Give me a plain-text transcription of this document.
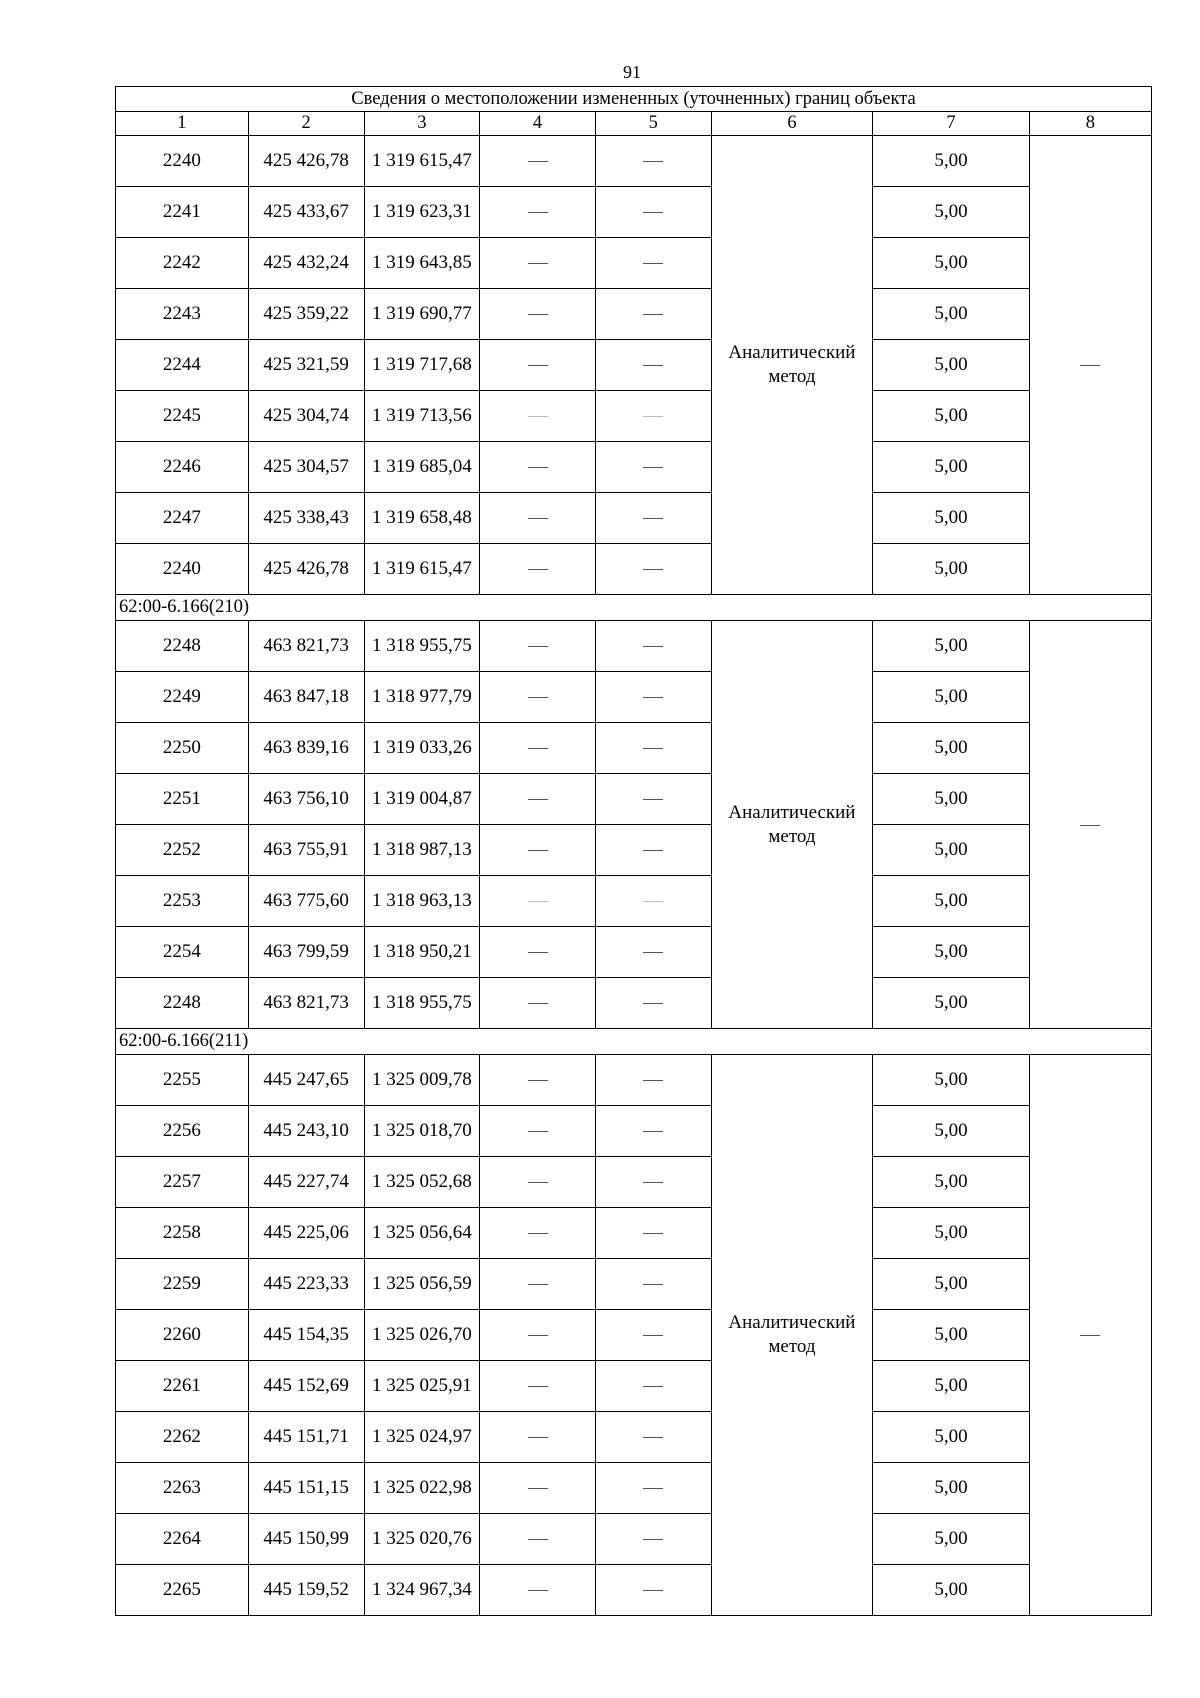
91
Сведения о местоположении измененных (уточненных) границ объекта							
1	2	3	4	5	6	7	8
2240	425 426,78	1 319 615,47			Аналитический метод	5,00	
2241	425 433,67	1 319 623,31				5,00	
2242	425 432,24	1 319 643,85				5,00	
2243	425 359,22	1 319 690,77				5,00	
2244	425 321,59	1 319 717,68				5,00	
2245	425 304,74	1 319 713,56				5,00	
2246	425 304,57	1 319 685,04				5,00	
2247	425 338,43	1 319 658,48				5,00	
2240	425 426,78	1 319 615,47				5,00	
62:00-6.166(210)							
2248	463 821,73	1 318 955,75			Аналитический метод	5,00	
2249	463 847,18	1 318 977,79				5,00	
2250	463 839,16	1 319 033,26				5,00	
2251	463 756,10	1 319 004,87				5,00	
2252	463 755,91	1 318 987,13				5,00	
2253	463 775,60	1 318 963,13				5,00	
2254	463 799,59	1 318 950,21				5,00	
2248	463 821,73	1 318 955,75				5,00	
62:00-6.166(211)							
2255	445 247,65	1 325 009,78			Аналитический метод	5,00	
2256	445 243,10	1 325 018,70				5,00	
2257	445 227,74	1 325 052,68				5,00	
2258	445 225,06	1 325 056,64				5,00	
2259	445 223,33	1 325 056,59				5,00	
2260	445 154,35	1 325 026,70				5,00	
2261	445 152,69	1 325 025,91				5,00	
2262	445 151,71	1 325 024,97				5,00	
2263	445 151,15	1 325 022,98				5,00	
2264	445 150,99	1 325 020,76				5,00	
2265	445 159,52	1 324 967,34				5,00	
